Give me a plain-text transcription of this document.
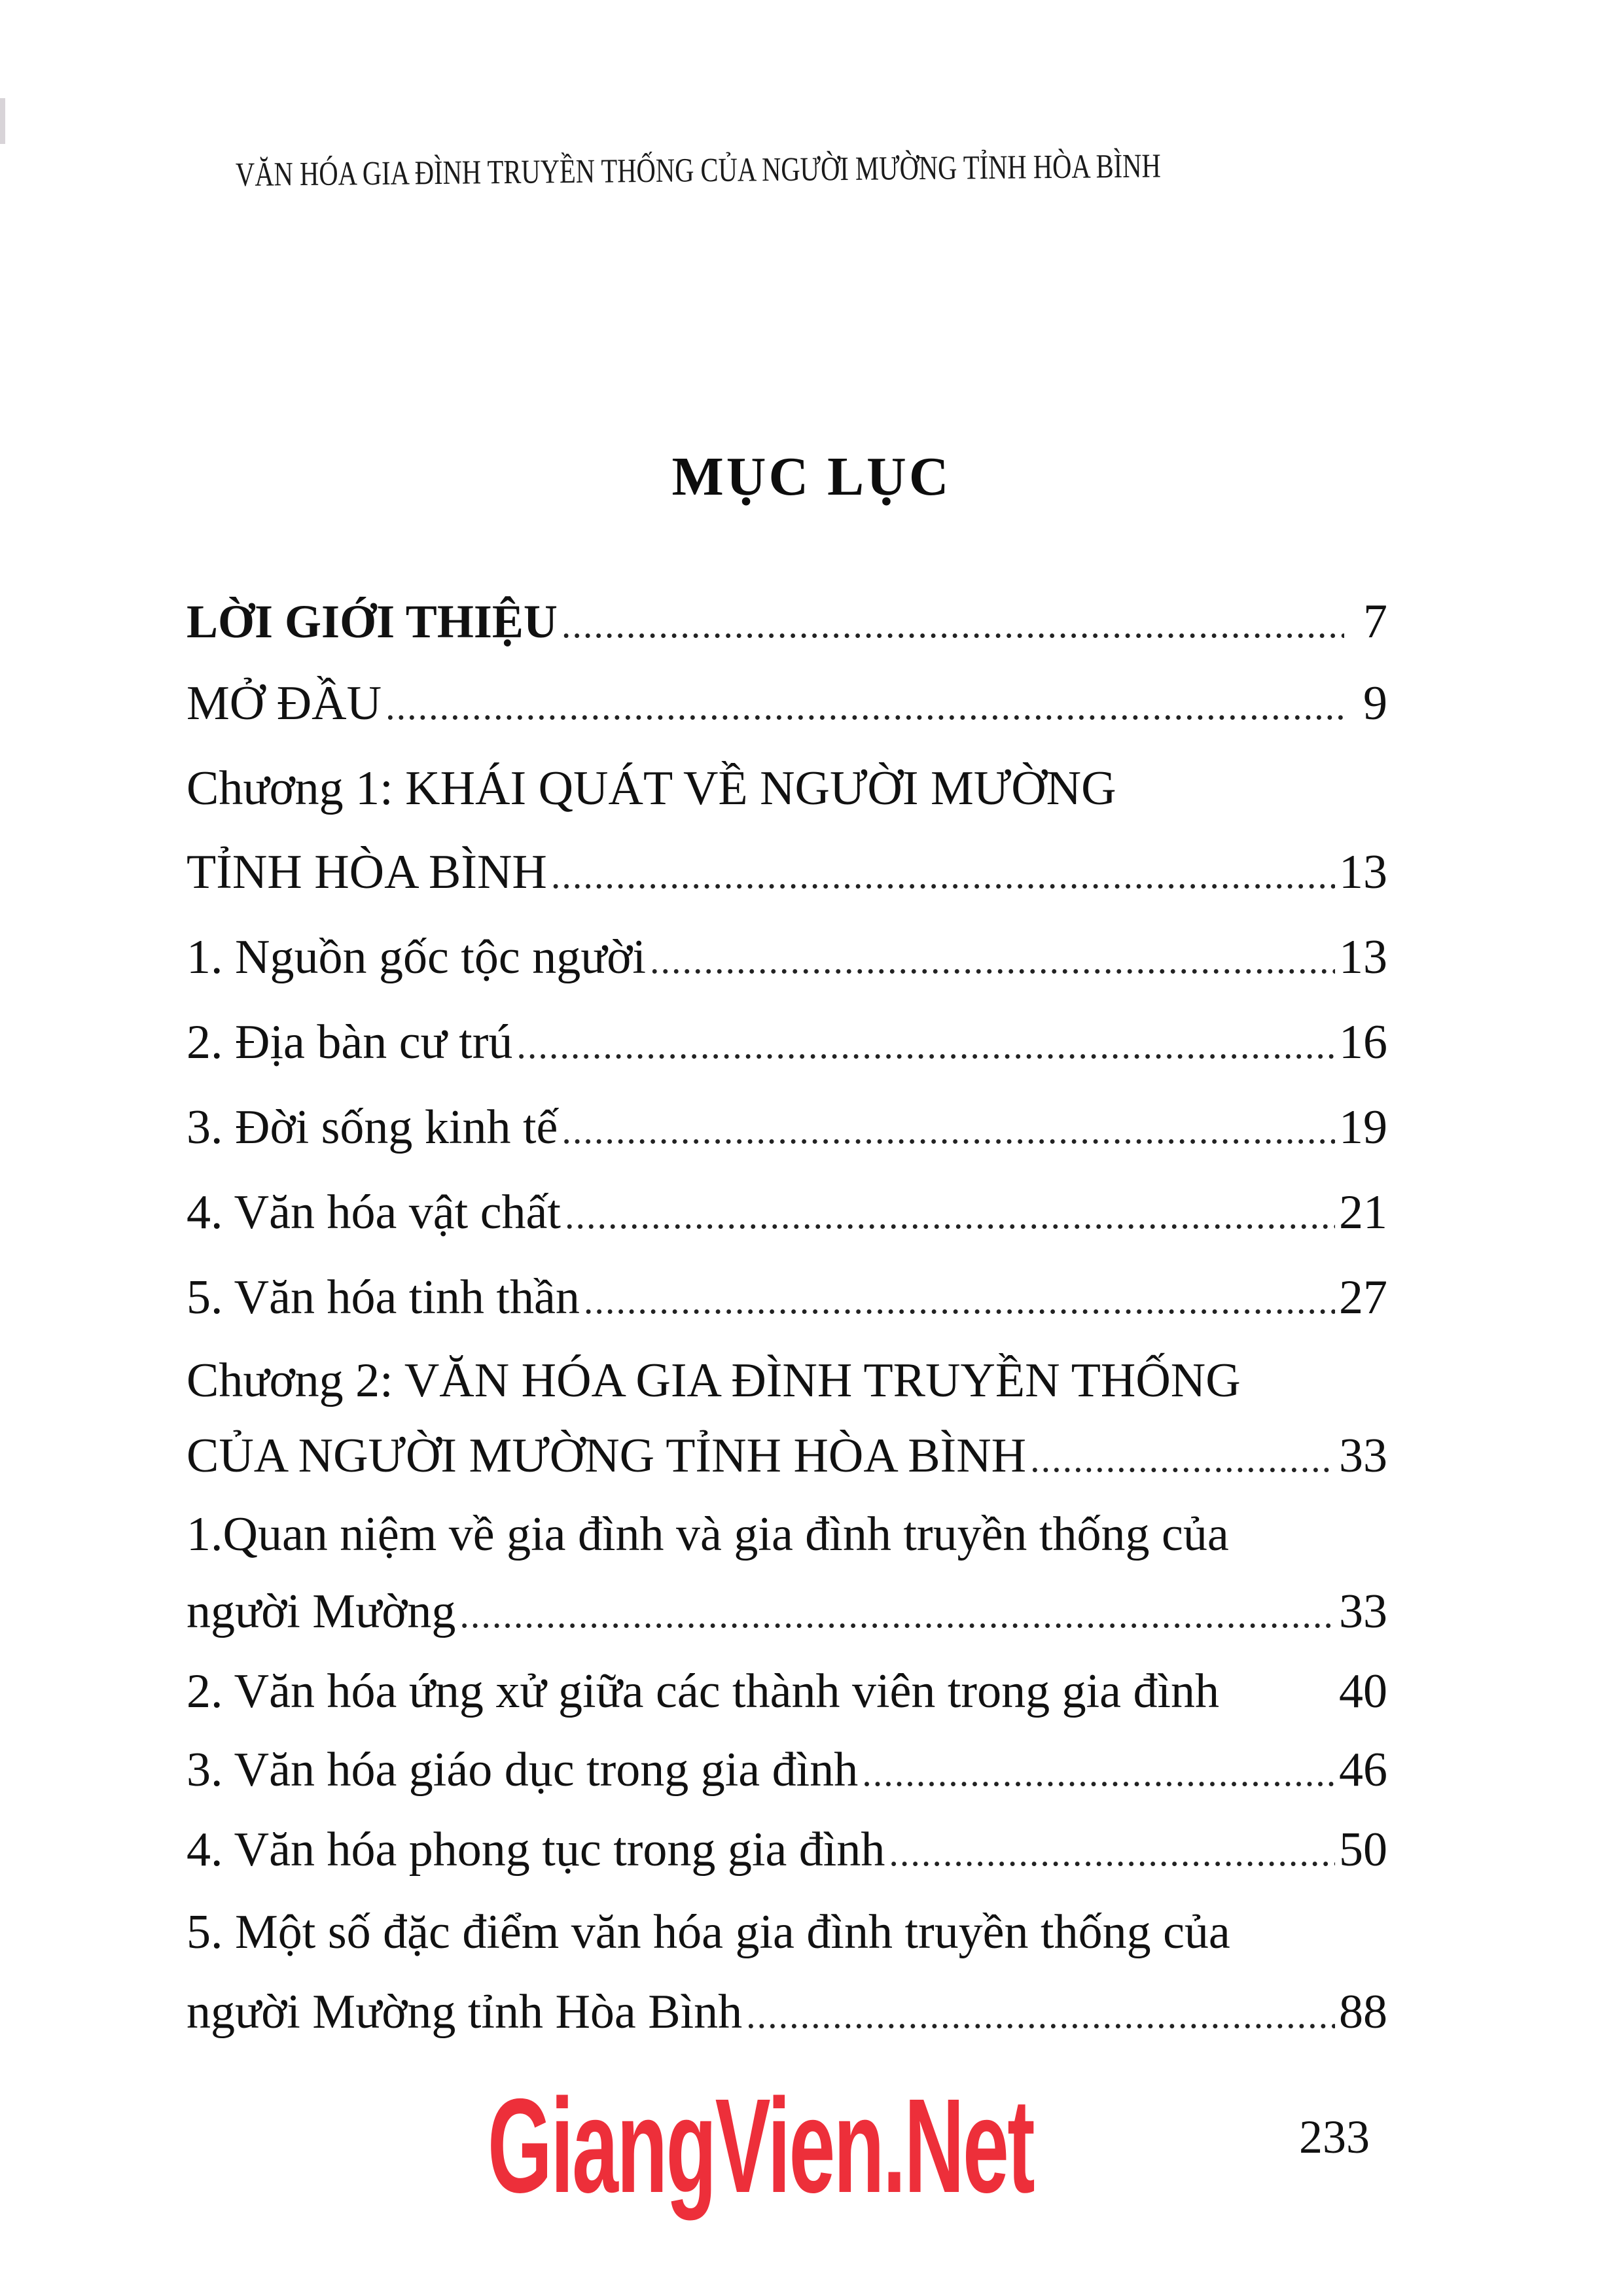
VĂN HÓA GIA ĐÌNH TRUYỀN THỐNG CỦA NGƯỜI MƯỜNG TỈNH HÒA BÌNH
MỤC LỤC
LỜI GIỚI THIỆU .....	7
MỞ ĐẦU .....	9
Chương 1: KHÁI QUÁT VỀ NGƯỜI MƯỜNG
TỈNH HÒA BÌNH .....	13
1. Nguồn gốc tộc người .....	13
2. Địa bàn cư trú .....	16
3. Đời sống kinh tế .....	19
4. Văn hóa vật chất .....	21
5. Văn hóa tinh thần .....	27
Chương 2: VĂN HÓA GIA ĐÌNH TRUYỀN THỐNG
CỦA NGƯỜI MƯỜNG TỈNH HÒA BÌNH .....	33
1.Quan niệm về gia đình và gia đình truyền thống của
người Mường .....	33
2. Văn hóa ứng xử giữa các thành viên trong gia đình	40
3. Văn hóa giáo dục trong gia đình .....	46
4. Văn hóa phong tục trong gia đình .....	50
5. Một số đặc điểm văn hóa gia đình truyền thống của
người Mường tỉnh Hòa Bình .....	88
GiangVien.Net	233
